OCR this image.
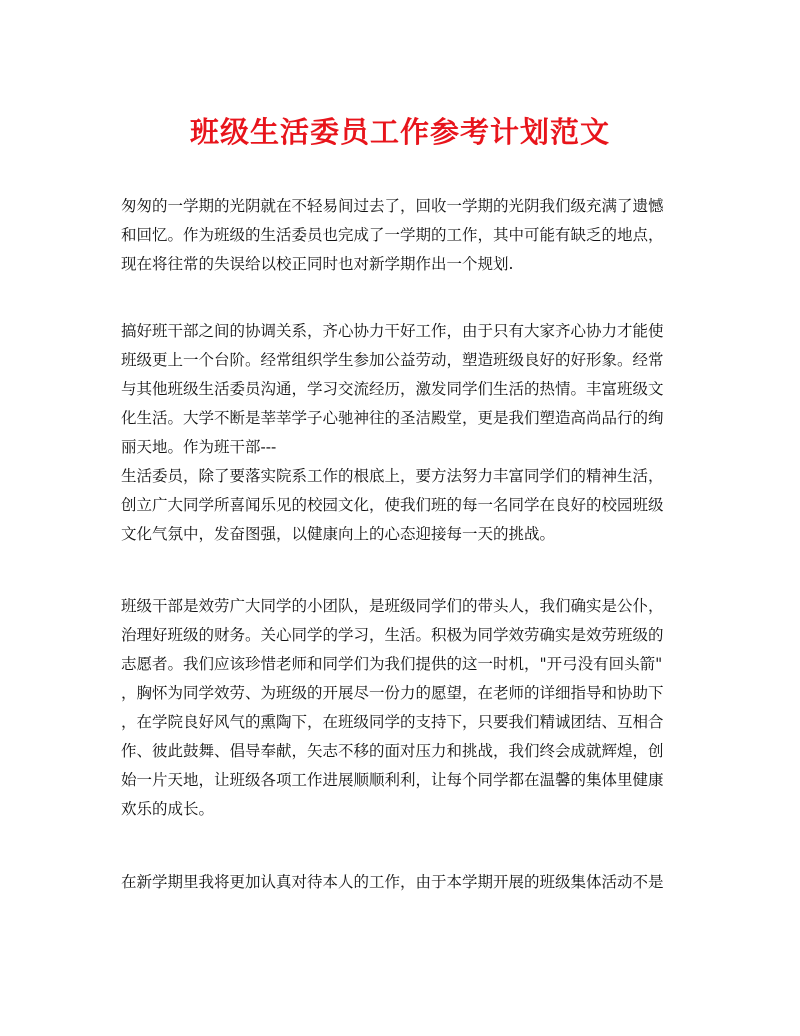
班级生活委员工作参考计划范文
匆匆的一学期的光阴就在不轻易间过去了，回收一学期的光阴我们级充满了遗憾
和回忆。作为班级的生活委员也完成了一学期的工作，其中可能有缺乏的地点，
现在将往常的失误给以校正同时也对新学期作出一个规划.
搞好班干部之间的协调关系，齐心协力干好工作，由于只有大家齐心协力才能使
班级更上一个台阶。经常组织学生参加公益劳动，塑造班级良好的好形象。经常
与其他班级生活委员沟通，学习交流经历，激发同学们生活的热情。丰富班级文
化生活。大学不断是莘莘学子心驰神往的圣洁殿堂，更是我们塑造高尚品行的绚
丽天地。作为班干部---
生活委员，除了要落实院系工作的根底上，要方法努力丰富同学们的精神生活，
创立广大同学所喜闻乐见的校园文化，使我们班的每一名同学在良好的校园班级
文化气氛中，发奋图强，以健康向上的心态迎接每一天的挑战。
班级干部是效劳广大同学的小团队，是班级同学们的带头人，我们确实是公仆，
治理好班级的财务。关心同学的学习，生活。积极为同学效劳确实是效劳班级的
志愿者。我们应该珍惜老师和同学们为我们提供的这一时机，"开弓没有回头箭"
，胸怀为同学效劳、为班级的开展尽一份力的愿望，在老师的详细指导和协助下
，在学院良好风气的熏陶下，在班级同学的支持下，只要我们精诚团结、互相合
作、彼此鼓舞、倡导奉献，矢志不移的面对压力和挑战，我们终会成就辉煌，创
始一片天地，让班级各项工作进展顺顺利利，让每个同学都在温馨的集体里健康
欢乐的成长。
在新学期里我将更加认真对待本人的工作，由于本学期开展的班级集体活动不是
